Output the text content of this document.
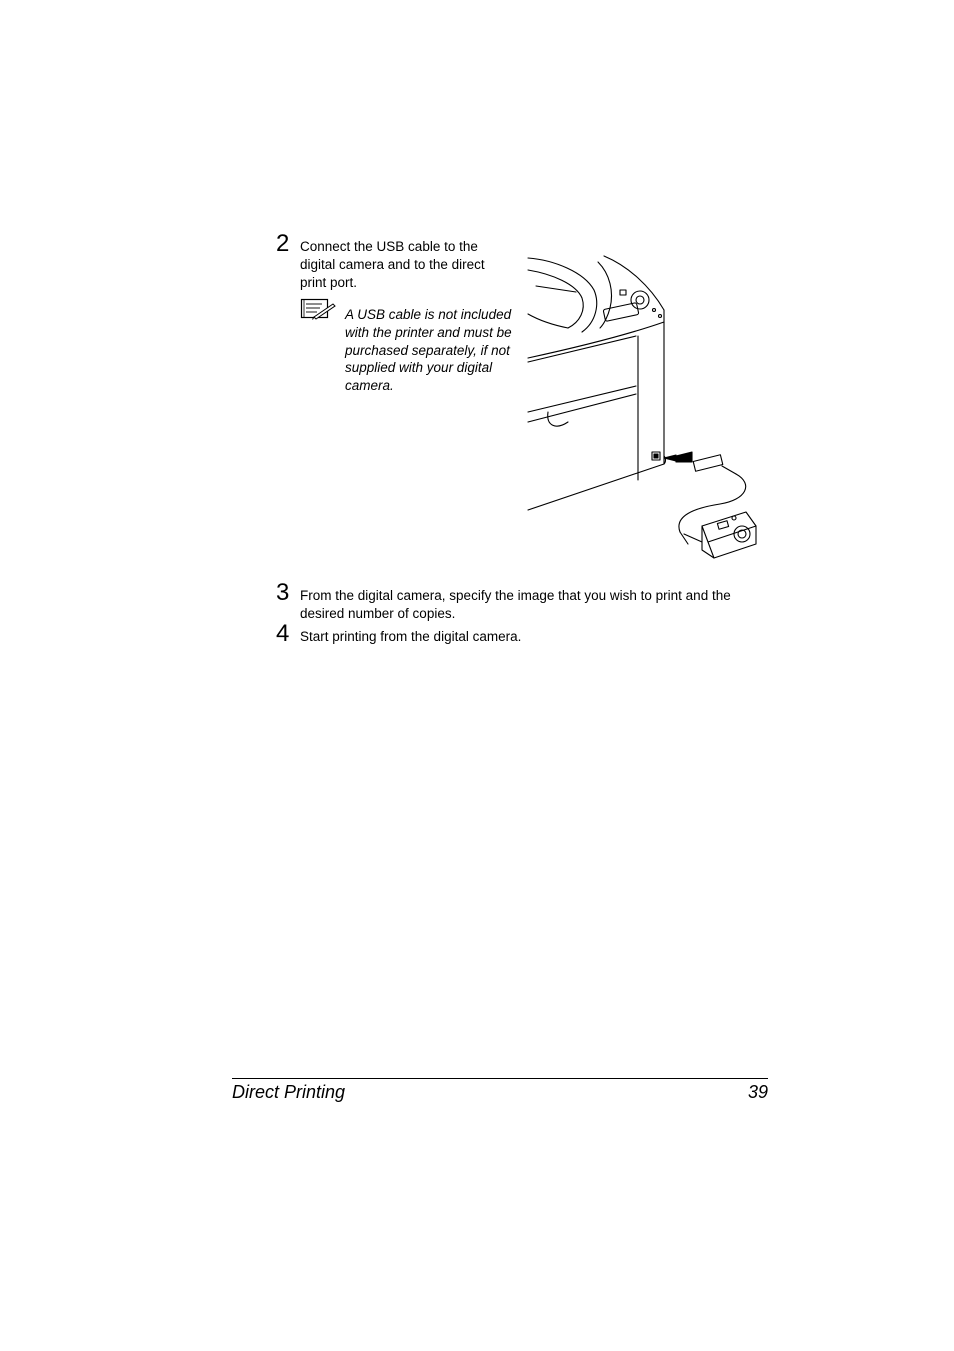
2 Connect the USB cable to the digital camera and to the direct print port.
A USB cable is not included with the printer and must be purchased separately, if not supplied with your digital camera.
3 From the digital camera, specify the image that you wish to print and the desired number of copies.
4 Start printing from the digital camera.
Direct Printing	39
